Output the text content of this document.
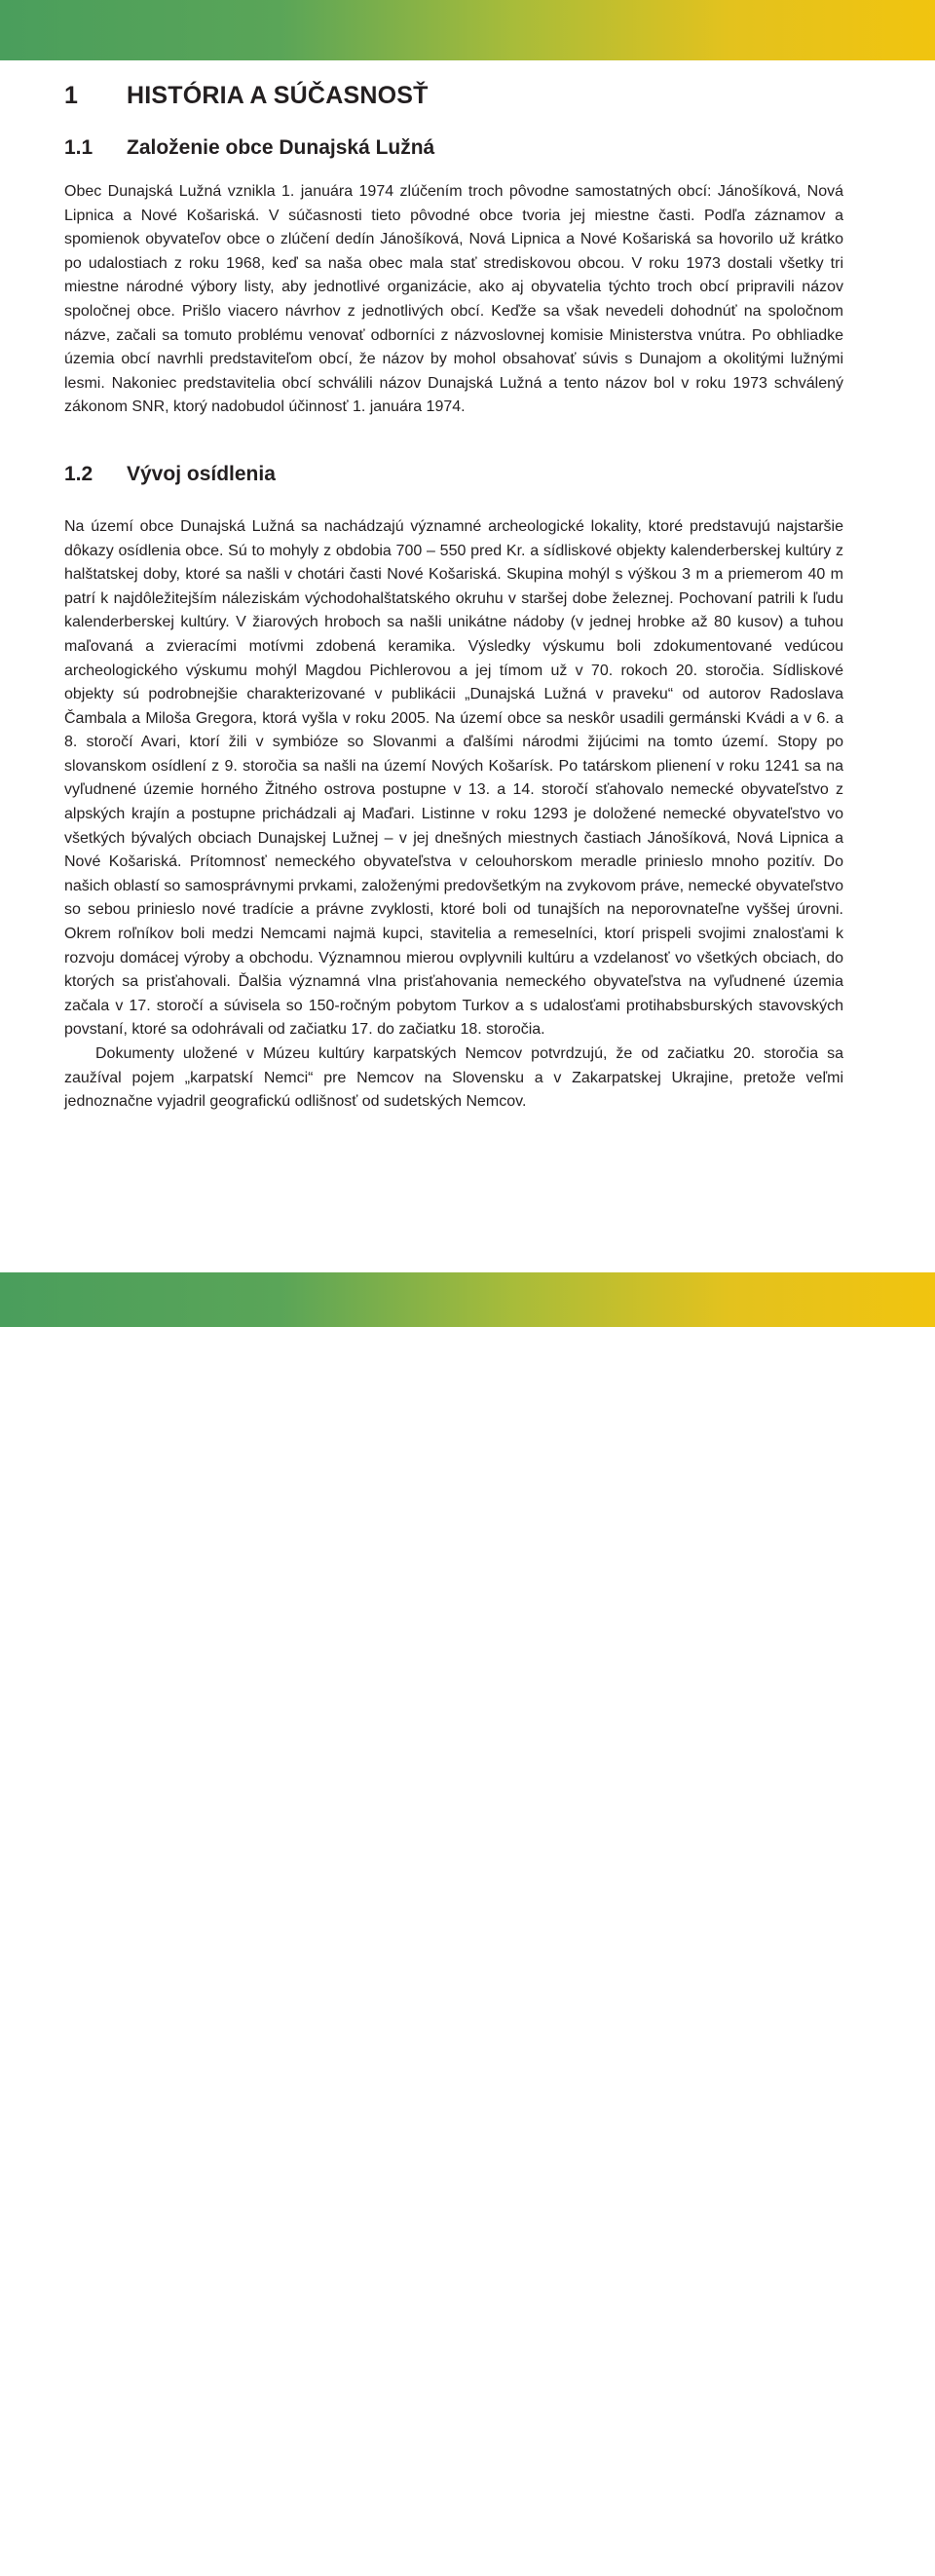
1 HISTÓRIA A SÚČASNOSŤ
1.1 Založenie obce Dunajská Lužná

Obec Dunajská Lužná vznikla 1. januára 1974 zlúčením troch pôvodne samostatných obcí: Jánošíková, Nová Lipnica a Nové Košariská. V súčasnosti tieto pôvodné obce tvoria jej miestne časti. Podľa záznamov a spomienok obyvateľov obce o zlúčení dedín Jánošíková, Nová Lipnica a Nové Košariská sa hovorilo už krátko po udalostiach z roku 1968, keď sa naša obec mala stať strediskovou obcou. V roku 1973 dostali všetky tri miestne národné výbory listy, aby jednotlivé organizácie, ako aj obyvatelia týchto troch obcí pripravili názov spoločnej obce. Prišlo viacero návrhov z jednotlivých obcí. Keďže sa však nevedeli dohodnúť na spoločnom názve, začali sa tomuto problému venovať odborníci z názvoslovnej komisie Ministerstva vnútra. Po obhliadke územia obcí navrhli predstaviteľom obcí, že názov by mohol obsahovať súvis s Dunajom a okolitými lužnými lesmi. Nakoniec predstavitelia obcí schválili názov Dunajská Lužná a tento názov bol v roku 1973 schválený zákonom SNR, ktorý nadobudol účinnosť 1. januára 1974.

1.2 Vývoj osídlenia

Na území obce Dunajská Lužná sa nachádzajú významné archeologické lokality, ktoré predstavujú najstaršie dôkazy osídlenia obce. Sú to mohyly z obdobia 700 – 550 pred Kr. a sídliskové objekty kalenderberskej kultúry z halštatskej doby, ktoré sa našli v chotári časti Nové Košariská. Skupina mohýl s výškou 3 m a priemerom 40 m patrí k najdôležitejším náleziskám východohalštatského okruhu v staršej dobe železnej. Pochovaní patrili k ľudu kalenderberskej kultúry. V žiarových hroboch sa našli unikátne nádoby (v jednej hrobke až 80 kusov) a tuhou maľovaná a zvieracími motívmi zdobená keramika. Výsledky výskumu boli zdokumentované vedúcou archeologického výskumu mohýl Magdou Pichlerovou a jej tímom už v 70. rokoch 20. storočia. Sídliskové objekty sú podrobnejšie charakterizované v publikácii „Dunajská Lužná v praveku“ od autorov Radoslava Čambala a Miloša Gregora, ktorá vyšla v roku 2005. Na území obce sa neskôr usadili germánski Kvádi a v 6. a 8. storočí Avari, ktorí žili v symbióze so Slovanmi a ďalšími národmi žijúcimi na tomto území. Stopy po slovanskom osídlení z 9. storočia sa našli na území Nových Košarísk. Po tatárskom plienení v roku 1241 sa na vyľudnené územie horného Žitného ostrova postupne v 13. a 14. storočí sťahovalo nemecké obyvateľstvo z alpských krajín a postupne prichádzali aj Maďari. Listinne v roku 1293 je doložené nemecké obyvateľstvo vo všetkých bývalých obciach Dunajskej Lužnej – v jej dnešných miestnych častiach Jánošíková, Nová Lipnica a Nové Košariská. Prítomnosť nemeckého obyvateľstva v celouhorskom meradle prinieslo mnoho pozitív. Do našich oblastí so samosprávnymi prvkami, založenými predovšetkým na zvykovom práve, nemecké obyvateľstvo so sebou prinieslo nové tradície a právne zvyklosti, ktoré boli od tunajších na neporovnateľne vyššej úrovni. Okrem roľníkov boli medzi Nemcami najmä kupci, stavitelia a remeselníci, ktorí prispeli svojimi znalosťami k rozvoju domácej výroby a obchodu. Významnou mierou ovplyvnili kultúru a vzdelanosť vo všetkých obciach, do ktorých sa prisťahovali. Ďalšia významná vlna prisťahovania nemeckého obyvateľstva na vyľudnené územia začala v 17. storočí a súvisela so 150-ročným pobytom Turkov a s udalosťami protihabsburských stavovských povstaní, ktoré sa odohrávali od začiatku 17. do začiatku 18. storočia.

Dokumenty uložené v Múzeu kultúry karpatských Nemcov potvrdzujú, že od začiatku 20. storočia sa zaužíval pojem „karpatskí Nemci“ pre Nemcov na Slovensku a v Zakarpatskej Ukrajine, pretože veľmi jednoznačne vyjadril geografickú odlišnosť od sudetských Nemcov.

2
